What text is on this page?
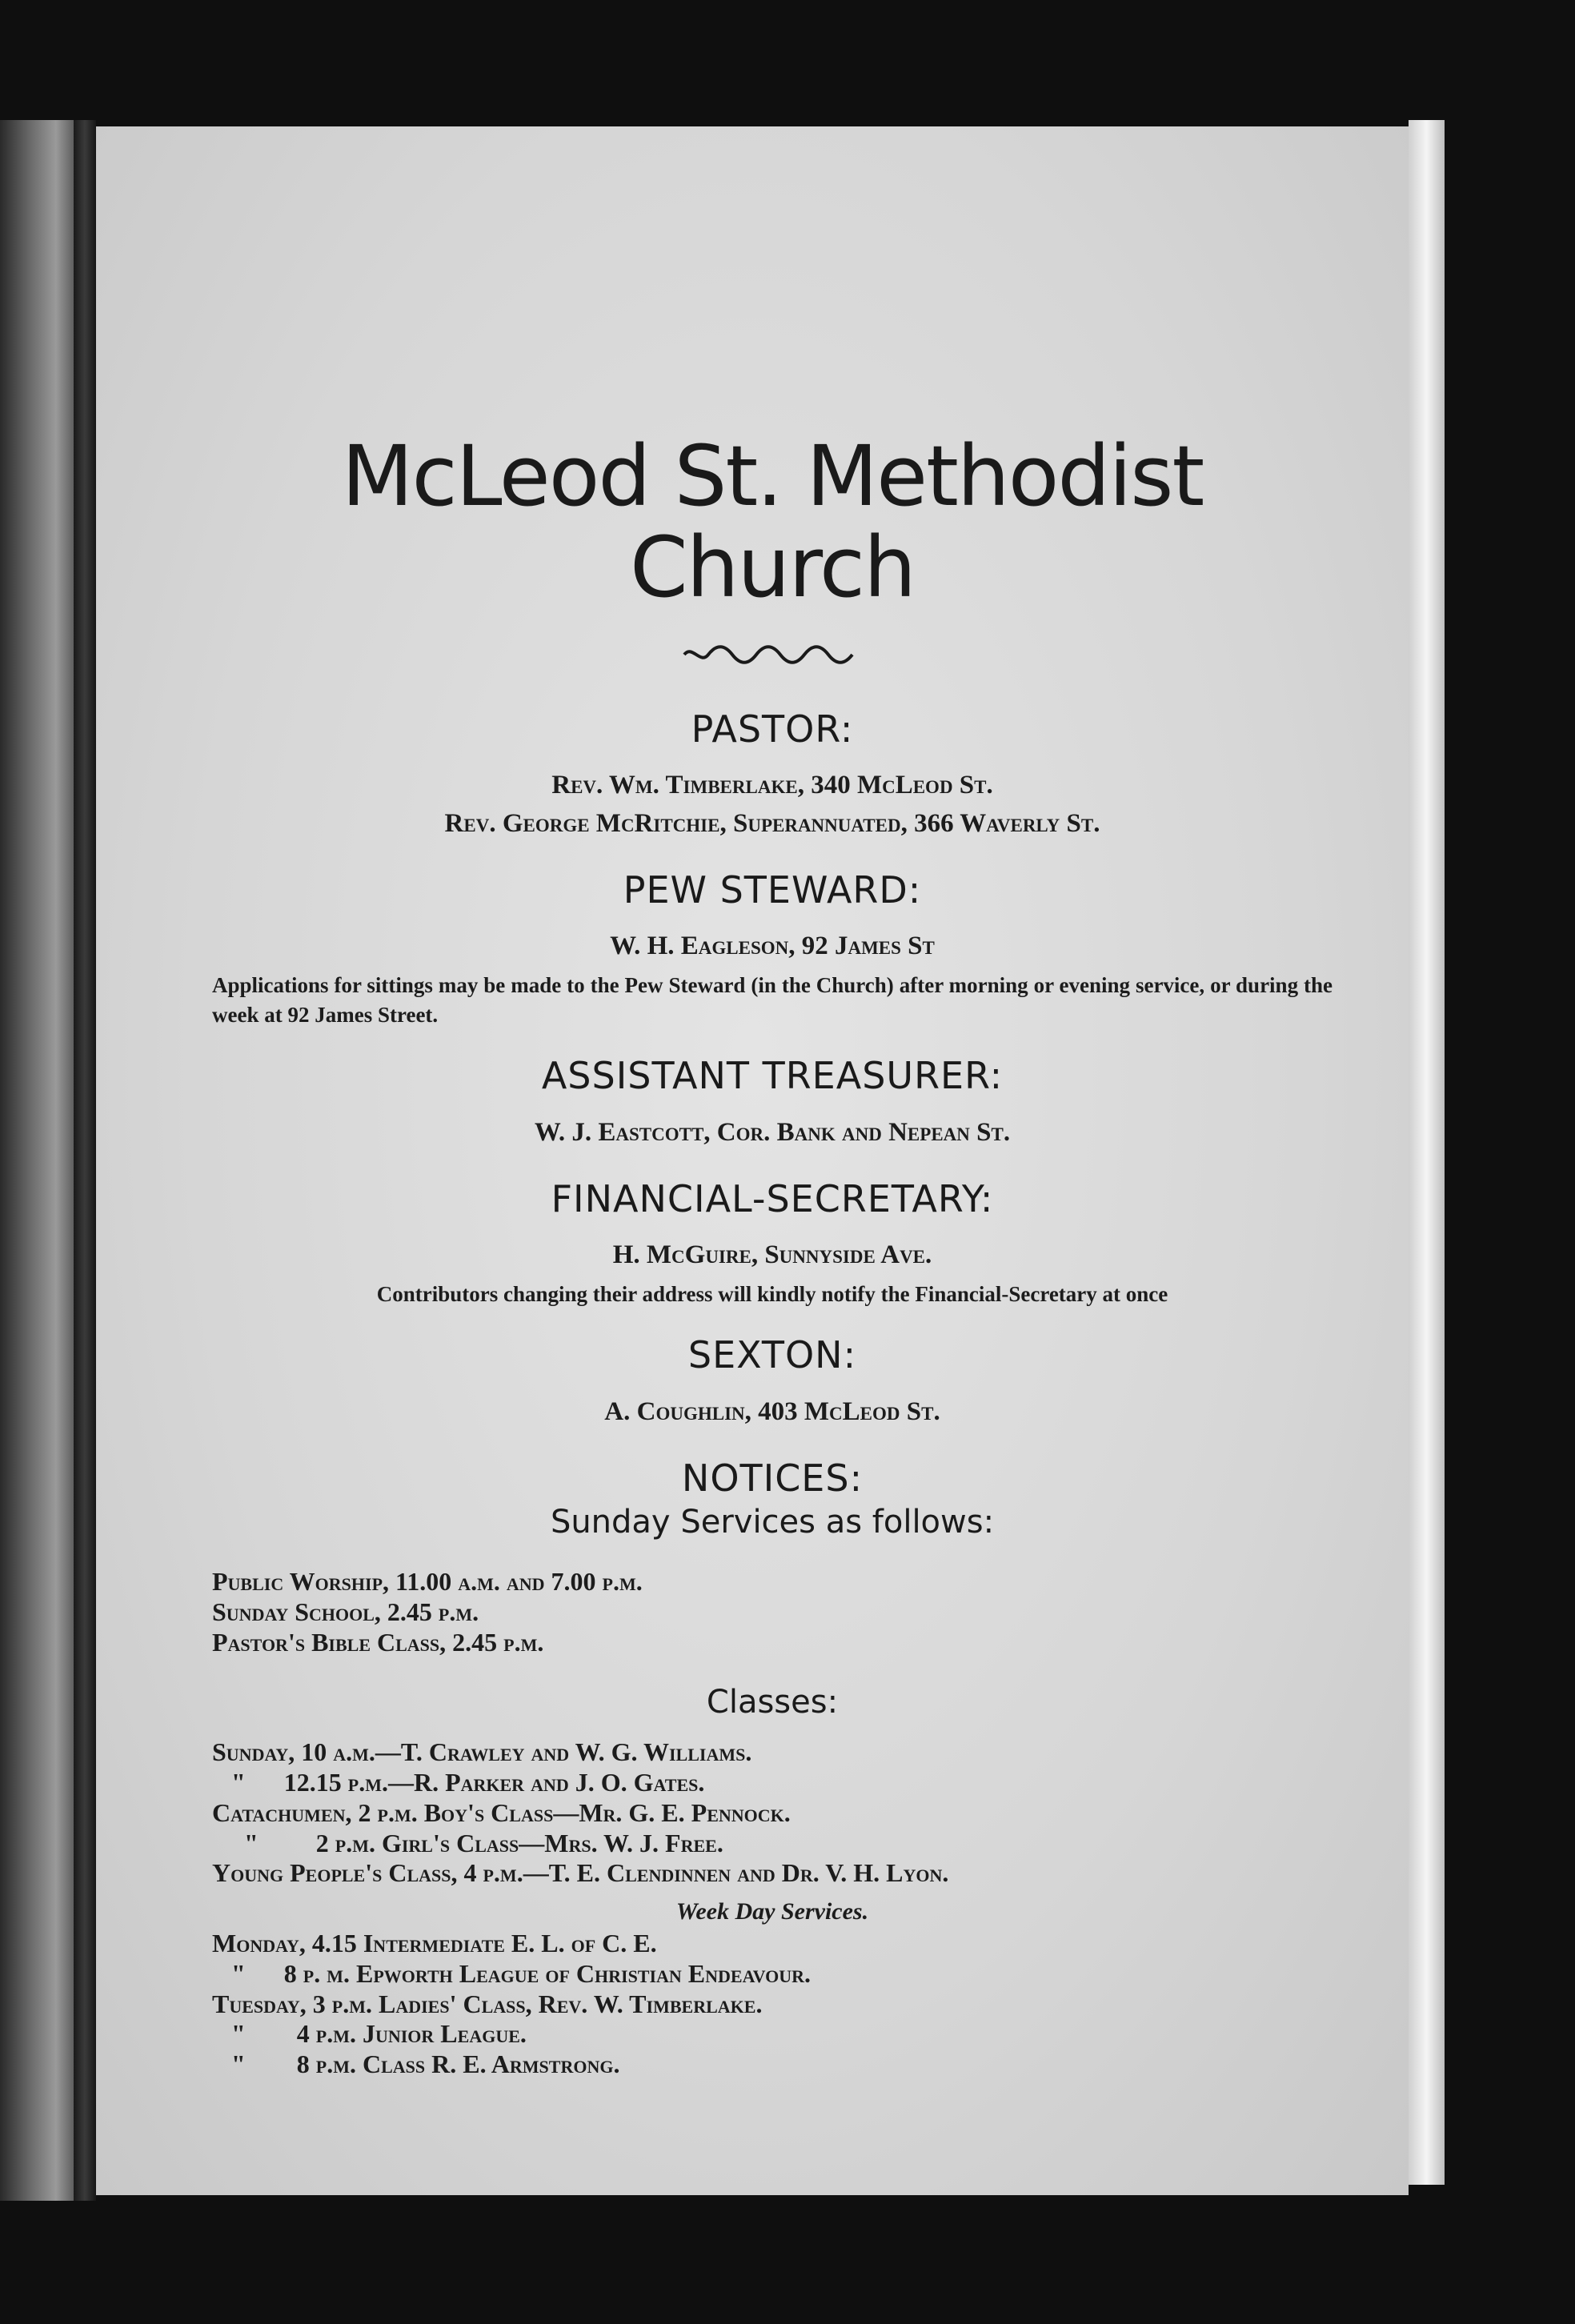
McLeod St. Methodist Church
PASTOR:

Rev. Wm. Timberlake, 340 McLeod St.

Rev. George McRitchie, Superannuated, 366 Waverly St.

PEW STEWARD:

W. H. Eagleson, 92 James St

Applications for sittings may be made to the Pew Steward (in the Church) after morning or evening service, or during the week at 92 James Street.

ASSISTANT TREASURER:

W. J. Eastcott, Cor. Bank and Nepean St.

FINANCIAL-SECRETARY:

H. McGuire, Sunnyside Ave.

Contributors changing their address will kindly notify the Financial-Secretary at once

SEXTON:

A. Coughlin, 403 McLeod St.

NOTICES:

Sunday Services as follows:

Public Worship, 11.00 a.m. and 7.00 p.m.

Sunday School, 2.45 p.m.

Pastor's Bible Class, 2.45 p.m.

Classes:

Sunday, 10 a.m.—T. Crawley and W. G. Williams.

"      12.15 p.m.—R. Parker and J. O. Gates.

Catachumen, 2 p.m. Boy's Class—Mr. G. E. Pennock.

"         2 p.m. Girl's Class—Mrs. W. J. Free.

Young People's Class, 4 p.m.—T. E. Clendinnen and Dr. V. H. Lyon.

Week Day Services.

Monday, 4.15 Intermediate E. L. of C. E.

"      8 p. m. Epworth League of Christian Endeavour.

Tuesday, 3 p.m. Ladies' Class, Rev. W. Timberlake.

"        4 p.m. Junior League.

"        8 p.m. Class R. E. Armstrong.
